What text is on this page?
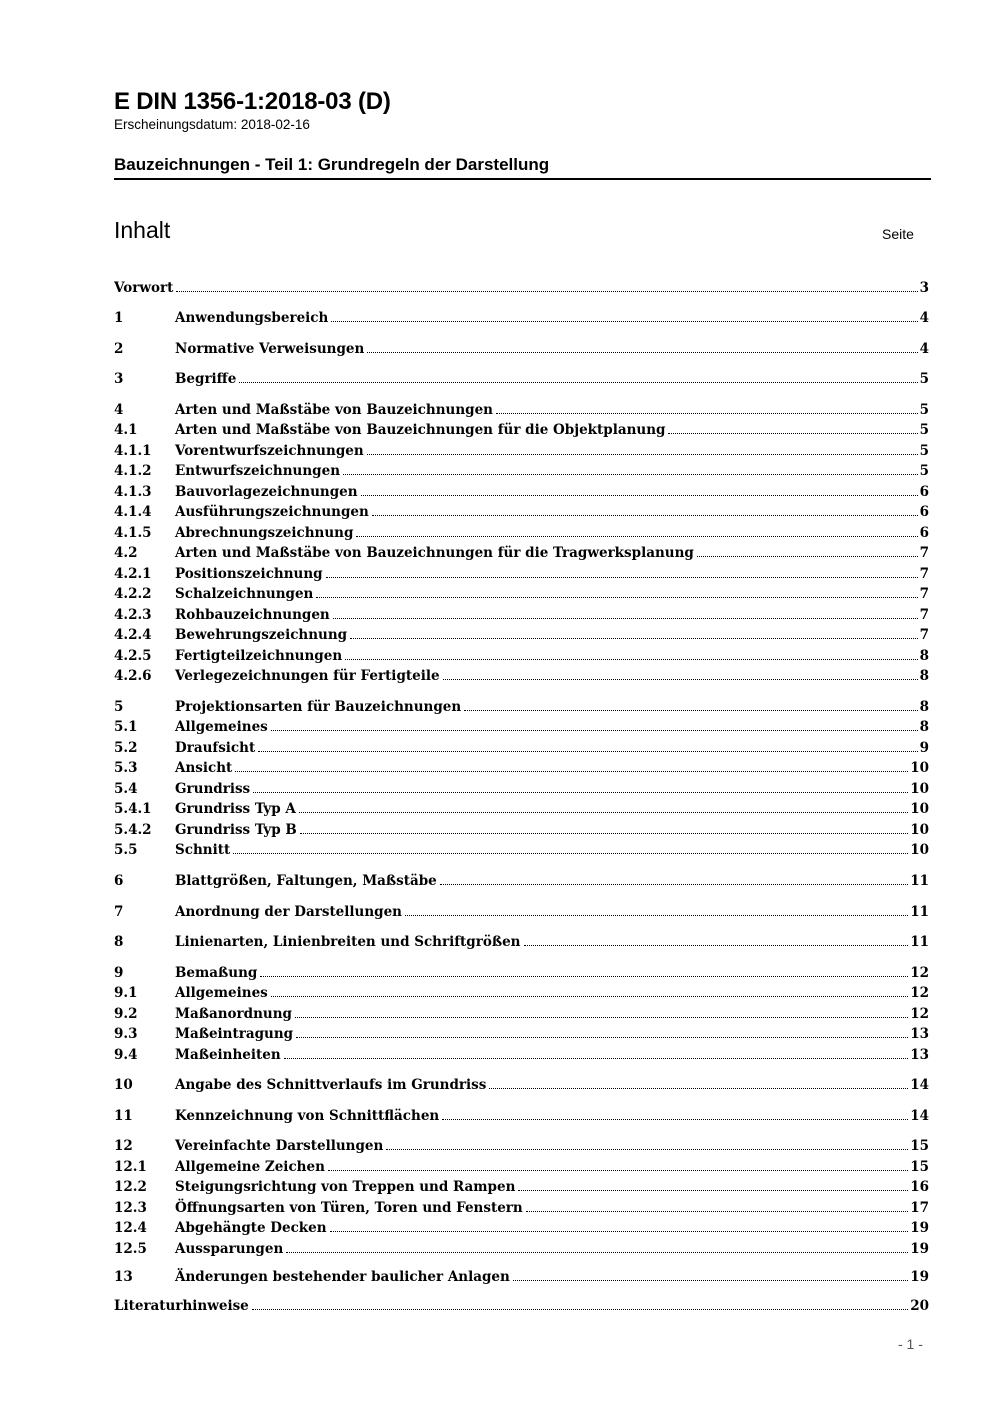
E DIN 1356-1:2018-03 (D)
Erscheinungsdatum: 2018-02-16
Bauzeichnungen - Teil 1: Grundregeln der Darstellung
Inhalt	Seite
Vorwort	3
1	Anwendungsbereich	4
2	Normative Verweisungen	4
3	Begriffe	5
4	Arten und Maßstäbe von Bauzeichnungen	5
4.1	Arten und Maßstäbe von Bauzeichnungen für die Objektplanung	5
4.1.1	Vorentwurfszeichnungen	5
4.1.2	Entwurfszeichnungen	5
4.1.3	Bauvorlagezeichnungen	6
4.1.4	Ausführungszeichnungen	6
4.1.5	Abrechnungszeichnung	6
4.2	Arten und Maßstäbe von Bauzeichnungen für die Tragwerksplanung	7
4.2.1	Positionszeichnung	7
4.2.2	Schalzeichnungen	7
4.2.3	Rohbauzeichnungen	7
4.2.4	Bewehrungszeichnung	7
4.2.5	Fertigteilzeichnungen	8
4.2.6	Verlegezeichnungen für Fertigteile	8
5	Projektionsarten für Bauzeichnungen	8
5.1	Allgemeines	8
5.2	Draufsicht	9
5.3	Ansicht	10
5.4	Grundriss	10
5.4.1	Grundriss Typ A	10
5.4.2	Grundriss Typ B	10
5.5	Schnitt	10
6	Blattgrößen, Faltungen, Maßstäbe	11
7	Anordnung der Darstellungen	11
8	Linienarten, Linienbreiten und Schriftgrößen	11
9	Bemaßung	12
9.1	Allgemeines	12
9.2	Maßanordnung	12
9.3	Maßeintragung	13
9.4	Maßeinheiten	13
10	Angabe des Schnittverlaufs im Grundriss	14
11	Kennzeichnung von Schnittflächen	14
12	Vereinfachte Darstellungen	15
12.1	Allgemeine Zeichen	15
12.2	Steigungsrichtung von Treppen und Rampen	16
12.3	Öffnungsarten von Türen, Toren und Fenstern	17
12.4	Abgehängte Decken	19
12.5	Aussparungen	19
13	Änderungen bestehender baulicher Anlagen	19
Literaturhinweise	20
- 1 -
